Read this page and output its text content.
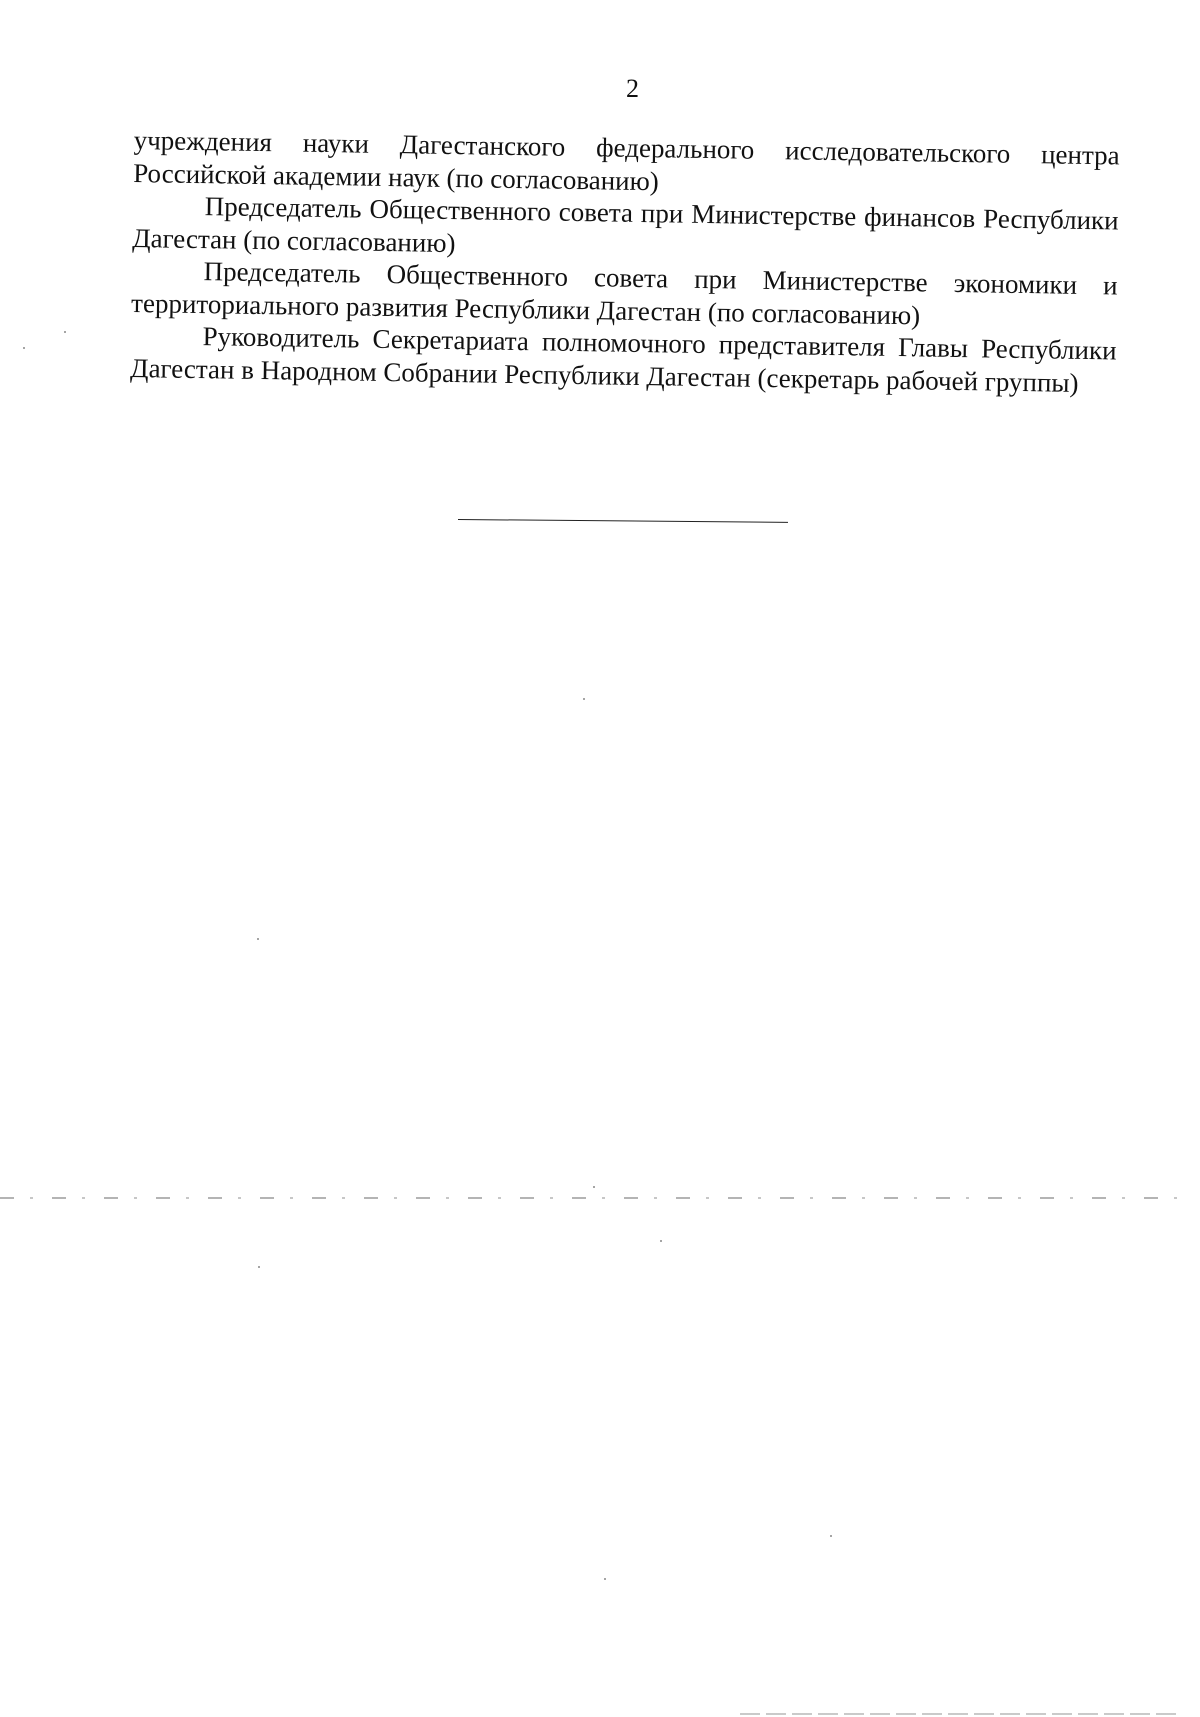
2

учреждения науки Дагестанского федерального исследовательского центра Российской академии наук (по согласованию)

Председатель Общественного совета при Министерстве финансов Республики Дагестан (по согласованию)

Председатель Общественного совета при Министерстве экономики и территориального развития Республики Дагестан (по согласованию)

Руководитель Секретариата полномочного представителя Главы Республики Дагестан в Народном Собрании Республики Дагестан (секретарь рабочей группы)
